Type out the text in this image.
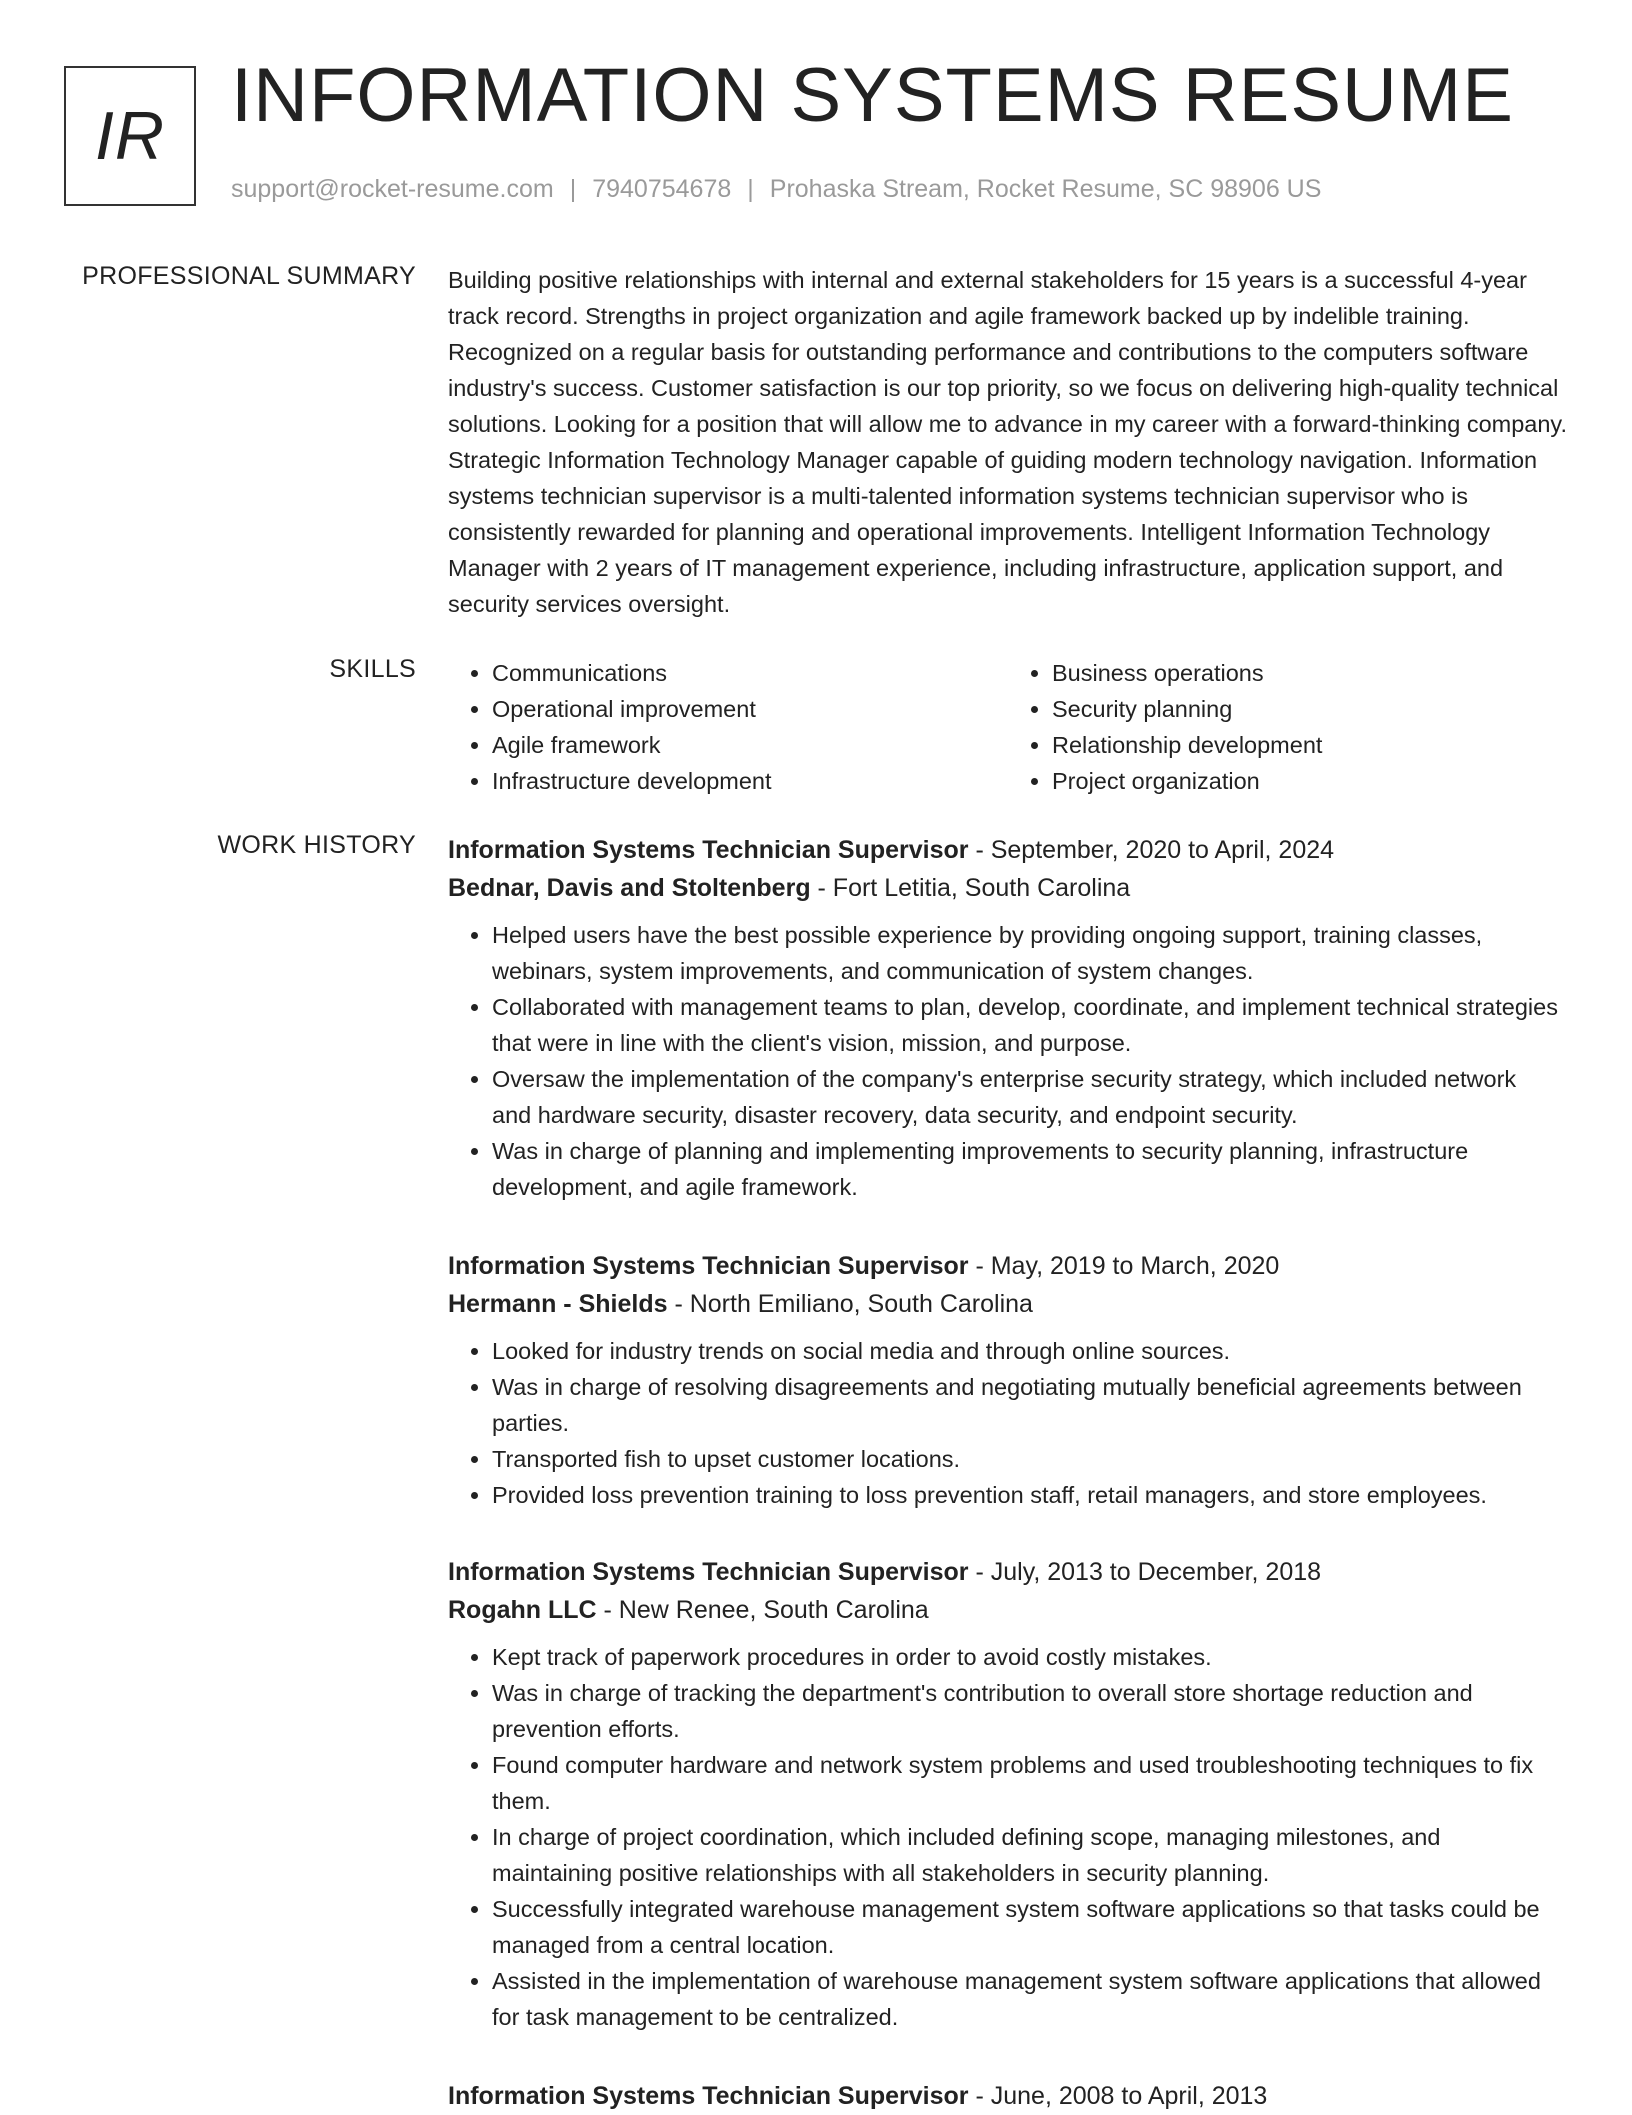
IR INFORMATION SYSTEMS RESUME
support@rocket-resume.com | 7940754678 | Prohaska Stream, Rocket Resume, SC 98906 US
PROFESSIONAL SUMMARY Building positive relationships with internal and external stakeholders for 15 years is a successful 4-year track record. Strengths in project organization and agile framework backed up by indelible training. Recognized on a regular basis for outstanding performance and contributions to the computers software industry's success. Customer satisfaction is our top priority, so we focus on delivering high-quality technical solutions. Looking for a position that will allow me to advance in my career with a forward-thinking company. Strategic Information Technology Manager capable of guiding modern technology navigation. Information systems technician supervisor is a multi-talented information systems technician supervisor who is consistently rewarded for planning and operational improvements. Intelligent Information Technology Manager with 2 years of IT management experience, including infrastructure, application support, and security services oversight.

SKILLS
•	Communications
• Operational improvement
• Agile framework
• Infrastructure development
• Business operations
• Security planning
• Relationship development
• Project organization
WORK HISTORY Information Systems Technician Supervisor - September, 2020 to April, 2024
Bednar, Davis and Stoltenberg - Fort Letitia, South Carolina
• Helped users have the best possible experience by providing ongoing support, training classes, webinars, system improvements, and communication of system changes.
• Collaborated with management teams to plan, develop, coordinate, and implement technical strategies that were in line with the client's vision, mission, and purpose.
• Oversaw the implementation of the company's enterprise security strategy, which included network and hardware security, disaster recovery, data security, and endpoint security.
• Was in charge of planning and implementing improvements to security planning, infrastructure development, and agile framework.
Information Systems Technician Supervisor - May, 2019 to March, 2020
Hermann - Shields - North Emiliano, South Carolina
• Looked for industry trends on social media and through online sources.
• Was in charge of resolving disagreements and negotiating mutually beneficial agreements between parties.
• Transported fish to upset customer locations.
• Provided loss prevention training to loss prevention staff, retail managers, and store employees.
Information Systems Technician Supervisor - July, 2013 to December, 2018
Rogahn LLC - New Renee, South Carolina
• Kept track of paperwork procedures in order to avoid costly mistakes.
• Was in charge of tracking the department's contribution to overall store shortage reduction and prevention efforts.
• Found computer hardware and network system problems and used troubleshooting techniques to fix them.
• In charge of project coordination, which included defining scope, managing milestones, and maintaining positive relationships with all stakeholders in security planning.
• Successfully integrated warehouse management system software applications so that tasks could be managed from a central location.
• Assisted in the implementation of warehouse management system software applications that allowed for task management to be centralized.
Information Systems Technician Supervisor - June, 2008 to April, 2013
